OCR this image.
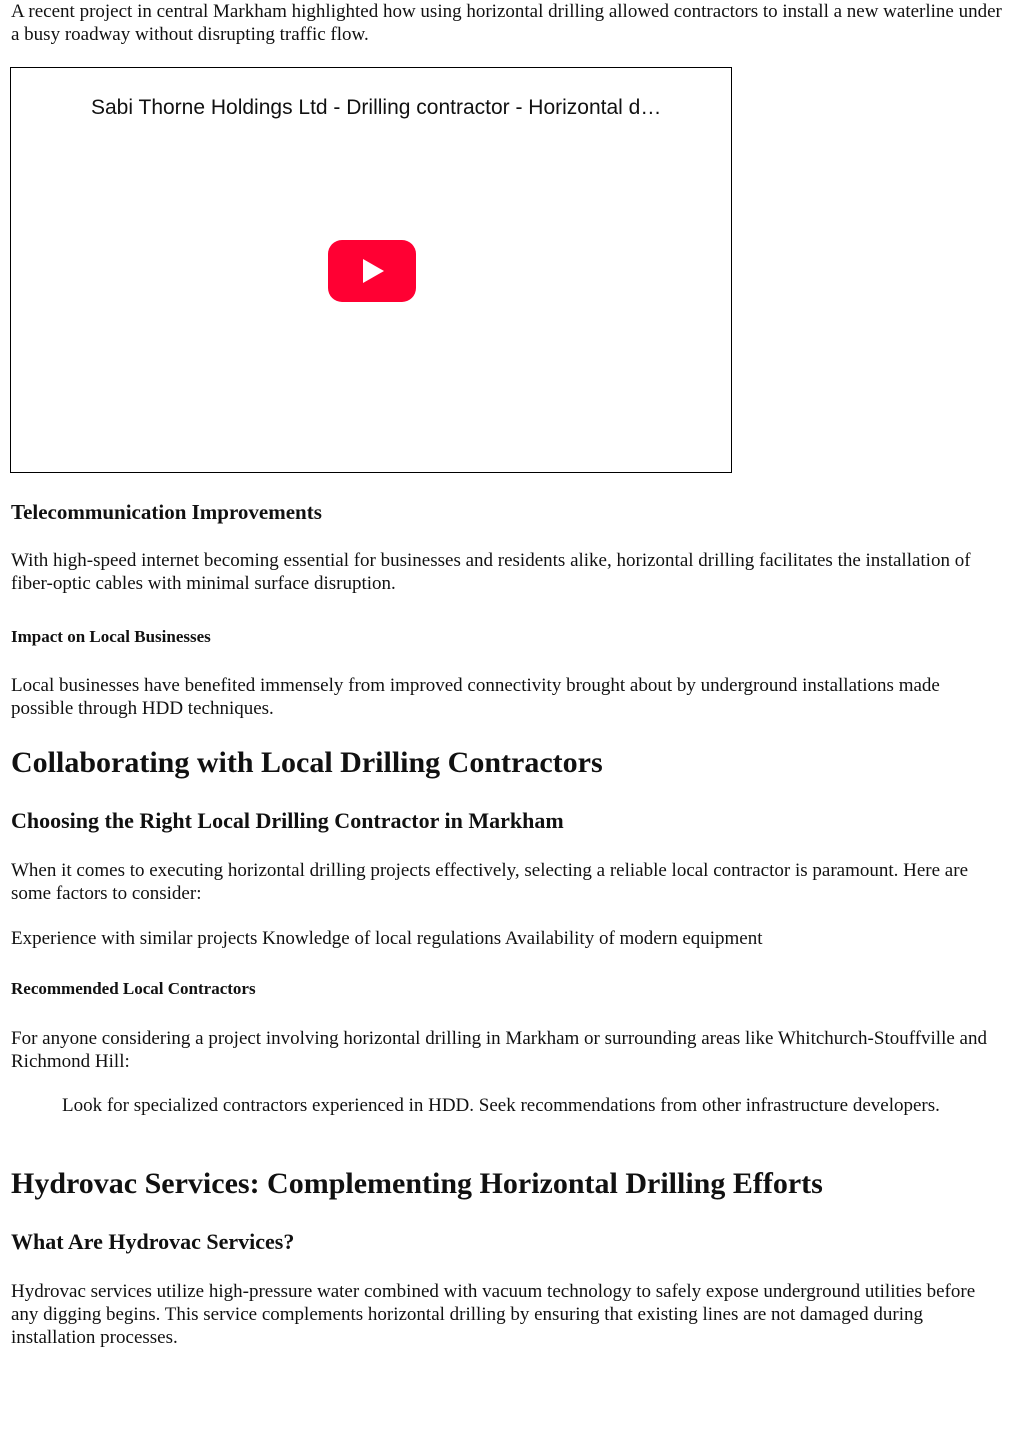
A recent project in central Markham highlighted how using horizontal drilling allowed contractors to install a new waterline under a busy roadway without disrupting traffic flow.

Sabi Thorne Holdings Ltd - Drilling contractor - Horizontal d…
Telecommunication Improvements

With high-speed internet becoming essential for businesses and residents alike, horizontal drilling facilitates the installation of fiber-optic cables with minimal surface disruption.

Impact on Local Businesses

Local businesses have benefited immensely from improved connectivity brought about by underground installations made possible through HDD techniques.

Collaborating with Local Drilling Contractors
Choosing the Right Local Drilling Contractor in Markham

When it comes to executing horizontal drilling projects effectively, selecting a reliable local contractor is paramount. Here are some factors to consider:

Experience with similar projects Knowledge of local regulations Availability of modern equipment

Recommended Local Contractors

For anyone considering a project involving horizontal drilling in Markham or surrounding areas like Whitchurch-Stouffville and Richmond Hill:

Look for specialized contractors experienced in HDD. Seek recommendations from other infrastructure developers.

Hydrovac Services: Complementing Horizontal Drilling Efforts
What Are Hydrovac Services?

Hydrovac services utilize high-pressure water combined with vacuum technology to safely expose underground utilities before any digging begins. This service complements horizontal drilling by ensuring that existing lines are not damaged during installation processes.
